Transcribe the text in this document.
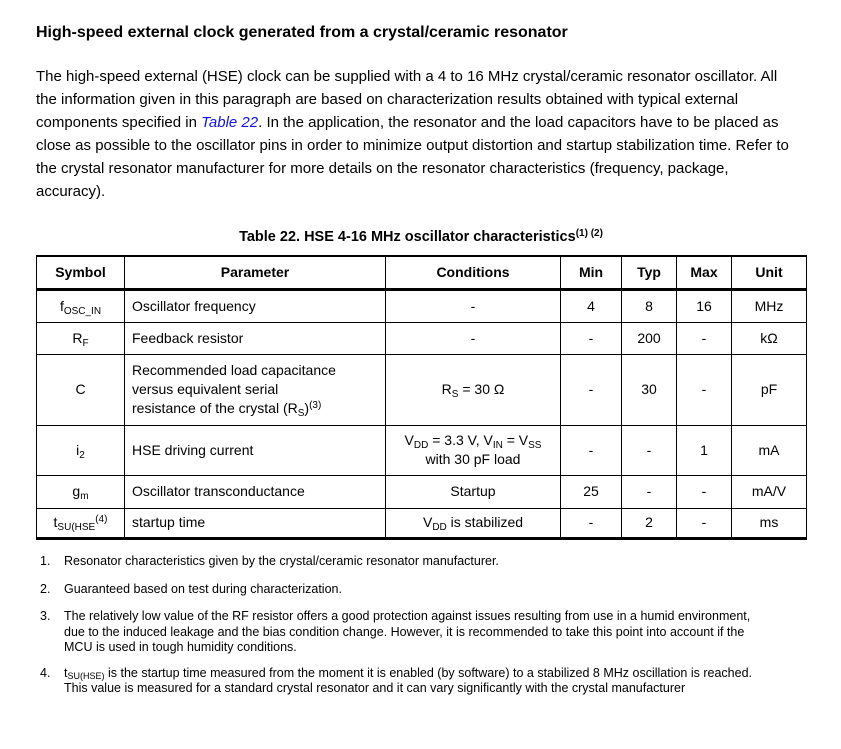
High-speed external clock generated from a crystal/ceramic resonator

The high-speed external (HSE) clock can be supplied with a 4 to 16 MHz crystal/ceramic resonator oscillator. All the information given in this paragraph are based on characterization results obtained with typical external components specified in Table 22. In the application, the resonator and the load capacitors have to be placed as close as possible to the oscillator pins in order to minimize output distortion and startup stabilization time. Refer to the crystal resonator manufacturer for more details on the resonator characteristics (frequency, package, accuracy).

Table 22. HSE 4-16 MHz oscillator characteristics$^{(1) (2)}$
Symbol	Parameter	Conditions	Min	Typ	Max	Unit
$f_{OSC\_IN}$	Oscillator frequency	-	4	8	16	MHz
$R_F$	Feedback resistor	-	-	200	-	kΩ
C	Recommended load capacitance
versus equivalent serial
resistance of the crystal $(R_S)^{(3)}$	$R_S = 30$ Ω	-	30	-	pF
$i_2$	HSE driving current	$V_{DD} = 3.3$ V, $V_{IN} = V_{SS}$
with 30 pF load	-	-	1	mA
$g_m$	Oscillator transconductance	Startup	25	-	-	mA/V
$t_{SU(HSE}^{(4)}$	startup time	$V_{DD}$ is stabilized	-	2	-	ms
1.	Resonator characteristics given by the crystal/ceramic resonator manufacturer.
2.	Guaranteed based on test during characterization.
3.	The relatively low value of the RF resistor offers a good protection against issues resulting from use in a humid environment, due to the induced leakage and the bias condition change. However, it is recommended to take this point into account if the MCU is used in tough humidity conditions.
4.	$t_{SU(HSE)}$ is the startup time measured from the moment it is enabled (by software) to a stabilized 8 MHz oscillation is reached. This value is measured for a standard crystal resonator and it can vary significantly with the crystal manufacturer
